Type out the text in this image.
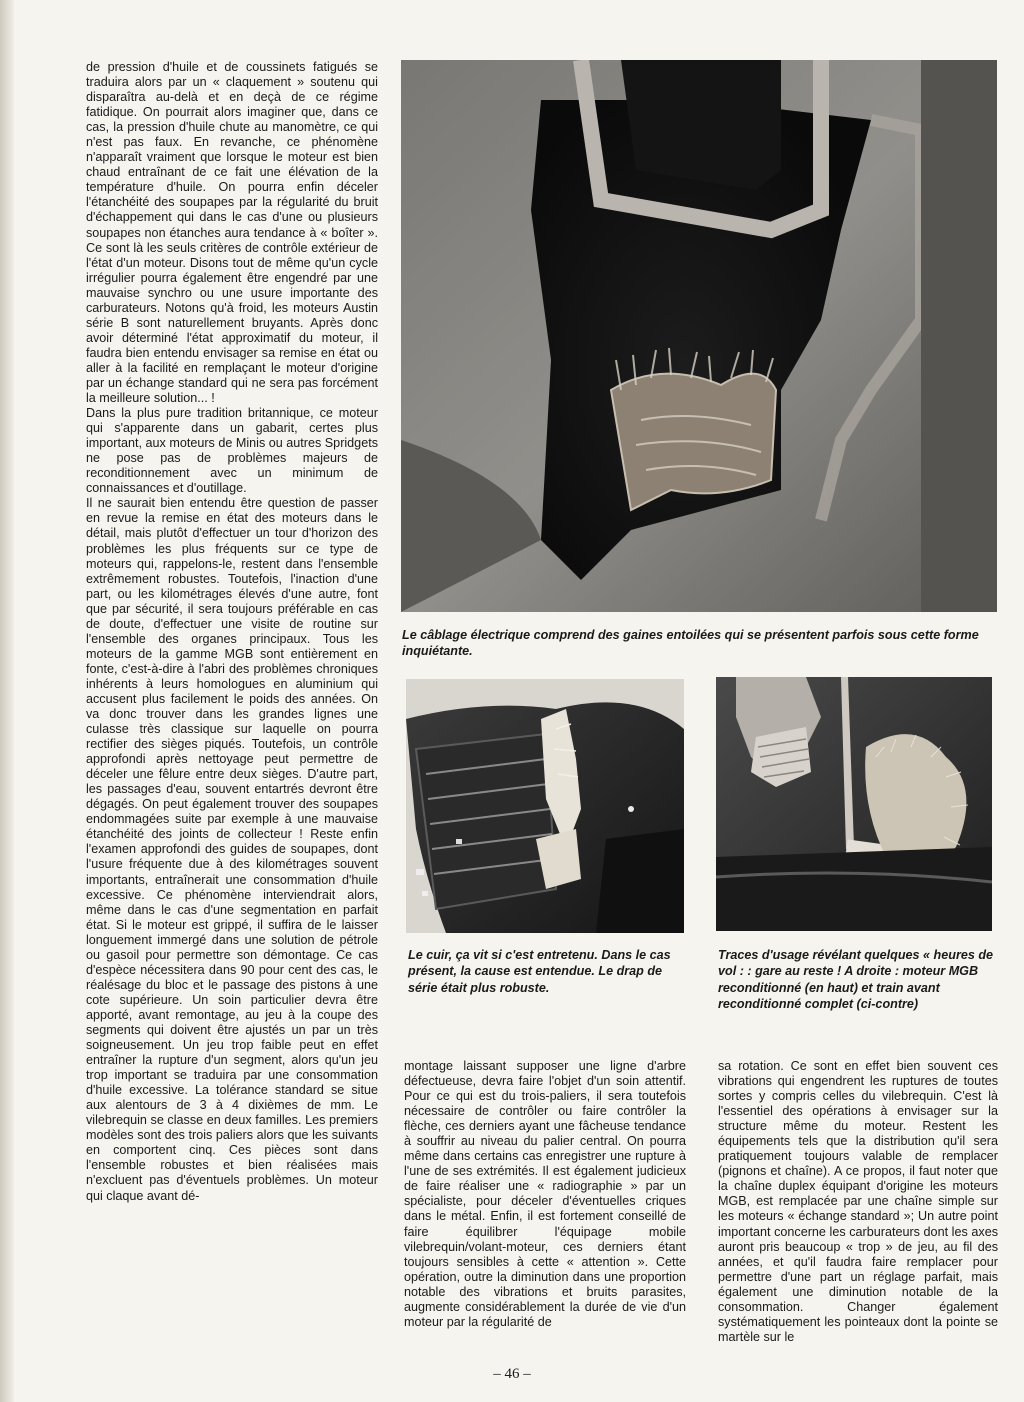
de pression d'huile et de coussinets fatigués se traduira alors par un « claquement » soutenu qui disparaîtra au-delà et en deçà de ce régime fatidique. On pourrait alors imaginer que, dans ce cas, la pression d'huile chute au manomètre, ce qui n'est pas faux. En revanche, ce phénomène n'apparaît vraiment que lorsque le moteur est bien chaud entraînant de ce fait une élévation de la température d'huile. On pourra enfin déceler l'étanchéité des soupapes par la régularité du bruit d'échappement qui dans le cas d'une ou plusieurs soupapes non étanches aura tendance à « boîter ». Ce sont là les seuls critères de contrôle extérieur de l'état d'un moteur. Disons tout de même qu'un cycle irrégulier pourra également être engendré par une mauvaise synchro ou une usure importante des carburateurs. Notons qu'à froid, les moteurs Austin série B sont naturellement bruyants. Après donc avoir déterminé l'état approximatif du moteur, il faudra bien entendu envisager sa remise en état ou aller à la facilité en remplaçant le moteur d'origine par un échange standard qui ne sera pas forcément la meilleure solution... !

Dans la plus pure tradition britannique, ce moteur qui s'apparente dans un gabarit, certes plus important, aux moteurs de Minis ou autres Spridgets ne pose pas de problèmes majeurs de reconditionnement avec un minimum de connaissances et d'outillage.

Il ne saurait bien entendu être question de passer en revue la remise en état des moteurs dans le détail, mais plutôt d'effectuer un tour d'horizon des problèmes les plus fréquents sur ce type de moteurs qui, rappelons-le, restent dans l'ensemble extrêmement robustes. Toutefois, l'inaction d'une part, ou les kilométrages élevés d'une autre, font que par sécurité, il sera toujours préférable en cas de doute, d'effectuer une visite de routine sur l'ensemble des organes principaux. Tous les moteurs de la gamme MGB sont entièrement en fonte, c'est-à-dire à l'abri des problèmes chroniques inhérents à leurs homologues en aluminium qui accusent plus facilement le poids des années. On va donc trouver dans les grandes lignes une culasse très classique sur laquelle on pourra rectifier des sièges piqués. Toutefois, un contrôle approfondi après nettoyage peut permettre de déceler une fêlure entre deux sièges. D'autre part, les passages d'eau, souvent entartrés devront être dégagés. On peut également trouver des soupapes endommagées suite par exemple à une mauvaise étanchéité des joints de collecteur ! Reste enfin l'examen approfondi des guides de soupapes, dont l'usure fréquente due à des kilométrages souvent importants, entraînerait une consommation d'huile excessive. Ce phénomène interviendrait alors, même dans le cas d'une segmentation en parfait état. Si le moteur est grippé, il suffira de le laisser longuement immergé dans une solution de pétrole ou gasoil pour permettre son démontage. Ce cas d'espèce nécessitera dans 90 pour cent des cas, le réalésage du bloc et le passage des pistons à une cote supérieure. Un soin particulier devra être apporté, avant remontage, au jeu à la coupe des segments qui doivent être ajustés un par un très soigneusement. Un jeu trop faible peut en effet entraîner la rupture d'un segment, alors qu'un jeu trop important se traduira par une consommation d'huile excessive. La tolérance standard se situe aux alentours de 3 à 4 dixièmes de mm. Le vilebrequin se classe en deux familles. Les premiers modèles sont des trois paliers alors que les suivants en comportent cinq. Ces pièces sont dans l'ensemble robustes et bien réalisées mais n'excluent pas d'éventuels problèmes. Un moteur qui claque avant dé-

Le câblage électrique comprend des gaines entoilées qui se présentent parfois sous cette forme inquiétante.
Le cuir, ça vit si c'est entretenu. Dans le cas présent, la cause est entendue. Le drap de série était plus robuste.
Traces d'usage révélant quelques « heures de vol : : gare au reste ! A droite : moteur MGB reconditionné (en haut) et train avant reconditionné complet (ci-contre)

montage laissant supposer une ligne d'arbre défectueuse, devra faire l'objet d'un soin attentif. Pour ce qui est du trois-paliers, il sera toutefois nécessaire de contrôler ou faire contrôler la flèche, ces derniers ayant une fâcheuse tendance à souffrir au niveau du palier central. On pourra même dans certains cas enregistrer une rupture à l'une de ses extrémités. Il est également judicieux de faire réaliser une « radiographie » par un spécialiste, pour déceler d'éventuelles criques dans le métal. Enfin, il est fortement conseillé de faire équilibrer l'équipage mobile vilebrequin/volant-moteur, ces derniers étant toujours sensibles à cette « attention ». Cette opération, outre la diminution dans une proportion notable des vibrations et bruits parasites, augmente considérablement la durée de vie d'un moteur par la régularité de

sa rotation. Ce sont en effet bien souvent ces vibrations qui engendrent les ruptures de toutes sortes y compris celles du vilebrequin. C'est là l'essentiel des opérations à envisager sur la structure même du moteur. Restent les équipements tels que la distribution qu'il sera pratiquement toujours valable de remplacer (pignons et chaîne). A ce propos, il faut noter que la chaîne duplex équipant d'origine les moteurs MGB, est remplacée par une chaîne simple sur les moteurs « échange standard »; Un autre point important concerne les carburateurs dont les axes auront pris beaucoup « trop » de jeu, au fil des années, et qu'il faudra faire remplacer pour permettre d'une part un réglage parfait, mais également une diminution notable de la consommation. Changer également systématiquement les pointeaux dont la pointe se martèle sur le

– 46 –
